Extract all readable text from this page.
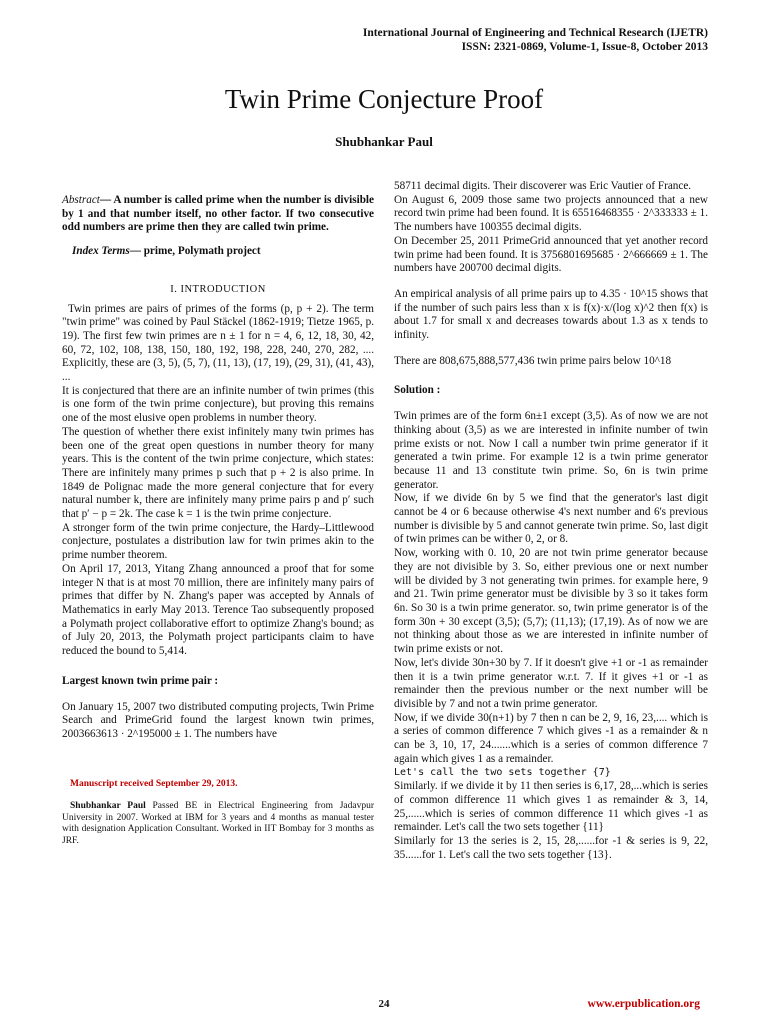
International Journal of Engineering and Technical Research (IJETR)
ISSN: 2321-0869, Volume-1, Issue-8, October 2013
Twin Prime Conjecture Proof
Shubhankar Paul

Abstract— A number is called prime when the number is divisible by 1 and that number itself, no other factor. If two consecutive odd numbers are prime then they are called twin prime.

Index Terms— prime, Polymath project

I. INTRODUCTION

Twin primes are pairs of primes of the forms (p, p + 2). The term "twin prime" was coined by Paul Stäckel (1862-1919; Tietze 1965, p. 19). The first few twin primes are n ± 1 for n = 4, 6, 12, 18, 30, 42, 60, 72, 102, 108, 138, 150, 180, 192, 198, 228, 240, 270, 282, .... Explicitly, these are (3, 5), (5, 7), (11, 13), (17, 19), (29, 31), (41, 43), ...

It is conjectured that there are an infinite number of twin primes (this is one form of the twin prime conjecture), but proving this remains one of the most elusive open problems in number theory.

The question of whether there exist infinitely many twin primes has been one of the great open questions in number theory for many years. This is the content of the twin prime conjecture, which states: There are infinitely many primes p such that p + 2 is also prime. In 1849 de Polignac made the more general conjecture that for every natural number k, there are infinitely many prime pairs p and p′ such that p′ − p = 2k. The case k = 1 is the twin prime conjecture.

A stronger form of the twin prime conjecture, the Hardy–Littlewood conjecture, postulates a distribution law for twin primes akin to the prime number theorem.

On April 17, 2013, Yitang Zhang announced a proof that for some integer N that is at most 70 million, there are infinitely many pairs of primes that differ by N. Zhang's paper was accepted by Annals of Mathematics in early May 2013. Terence Tao subsequently proposed a Polymath project collaborative effort to optimize Zhang's bound; as of July 20, 2013, the Polymath project participants claim to have reduced the bound to 5,414.

Largest known twin prime pair :

On January 15, 2007 two distributed computing projects, Twin Prime Search and PrimeGrid found the largest known twin primes, 2003663613 · 2^195000 ± 1. The numbers have

Manuscript received September 29, 2013.

Shubhankar Paul Passed BE in Electrical Engineering from Jadavpur University in 2007. Worked at IBM for 3 years and 4 months as manual tester with designation Application Consultant. Worked in IIT Bombay for 3 months as JRF.

58711 decimal digits. Their discoverer was Eric Vautier of France.

On August 6, 2009 those same two projects announced that a new record twin prime had been found. It is 65516468355 · 2^333333 ± 1. The numbers have 100355 decimal digits.

On December 25, 2011 PrimeGrid announced that yet another record twin prime had been found. It is 3756801695685 · 2^666669 ± 1. The numbers have 200700 decimal digits.

An empirical analysis of all prime pairs up to 4.35 · 10^15 shows that if the number of such pairs less than x is f(x)·x/(log x)^2 then f(x) is about 1.7 for small x and decreases towards about 1.3 as x tends to infinity.

There are 808,675,888,577,436 twin prime pairs below 10^18

Solution :

Twin primes are of the form 6n±1 except (3,5). As of now we are not thinking about (3,5) as we are interested in infinite number of twin prime exists or not. Now I call a number twin prime generator if it generated a twin prime. For example 12 is a twin prime generator because 11 and 13 constitute twin prime. So, 6n is twin prime generator.

Now, if we divide 6n by 5 we find that the generator's last digit cannot be 4 or 6 because otherwise 4's next number and 6's previous number is divisible by 5 and cannot generate twin prime. So, last digit of twin primes can be wither 0, 2, or 8.

Now, working with 0. 10, 20 are not twin prime generator because they are not divisible by 3. So, either previous one or next number will be divided by 3 not generating twin primes. for example here, 9 and 21. Twin prime generator must be divisible by 3 so it takes form 6n. So 30 is a twin prime generator. so, twin prime generator is of the form 30n + 30 except (3,5); (5,7); (11,13); (17,19). As of now we are not thinking about those as we are interested in infinite number of twin prime exists or not.

Now, let's divide 30n+30 by 7. If it doesn't give +1 or -1 as remainder then it is a twin prime generator w.r.t. 7. If it gives +1 or -1 as remainder then the previous number or the next number will be divisible by 7 and not a twin prime generator.

Now, if we divide 30(n+1) by 7 then n can be 2, 9, 16, 23,.... which is a series of common difference 7 which gives -1 as a remainder & n can be 3, 10, 17, 24.......which is a series of common difference 7 again which gives 1 as a remainder.

Let's call the two sets together {7}

Similarly. if we divide it by 11 then series is 6,17, 28,...which is series of common difference 11 which gives 1 as remainder & 3, 14, 25,......which is series of common difference 11 which gives -1 as remainder. Let's call the two sets together {11}

Similarly for 13 the series is 2, 15, 28,......for -1 & series is 9, 22, 35......for 1. Let's call the two sets together {13}.

24	www.erpublication.org
